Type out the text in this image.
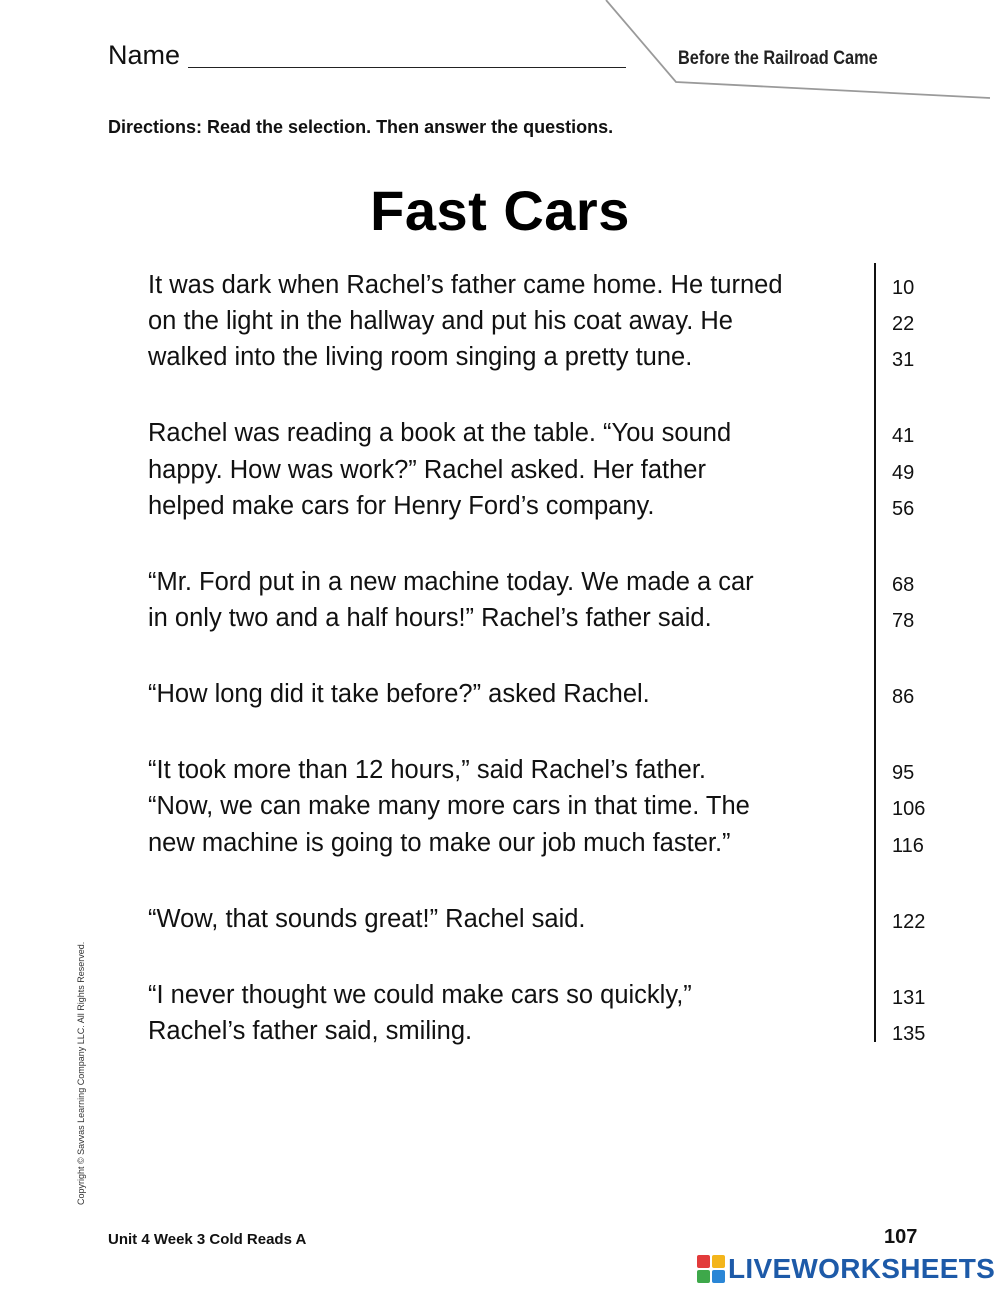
Name	Before the Railroad Came
Directions: Read the selection. Then answer the questions.
Fast Cars
It was dark when Rachel’s father came home. He turned	10
on the light in the hallway and put his coat away. He	22
walked into the living room singing a pretty tune.	31
Rachel was reading a book at the table. “You sound	41
happy. How was work?” Rachel asked. Her father	49
helped make cars for Henry Ford’s company.	56
“Mr. Ford put in a new machine today. We made a car	68
in only two and a half hours!” Rachel’s father said.	78
“How long did it take before?” asked Rachel.	86
“It took more than 12 hours,” said Rachel’s father.	95
“Now, we can make many more cars in that time. The	106
new machine is going to make our job much faster.”	116
“Wow, that sounds great!” Rachel said.	122
“I never thought we could make cars so quickly,”	131
Rachel’s father said, smiling.	135
Copyright © Savvas Learning Company LLC. All Rights Reserved.
Unit 4 Week 3 Cold Reads A	107
LIVEWORKSHEETS
